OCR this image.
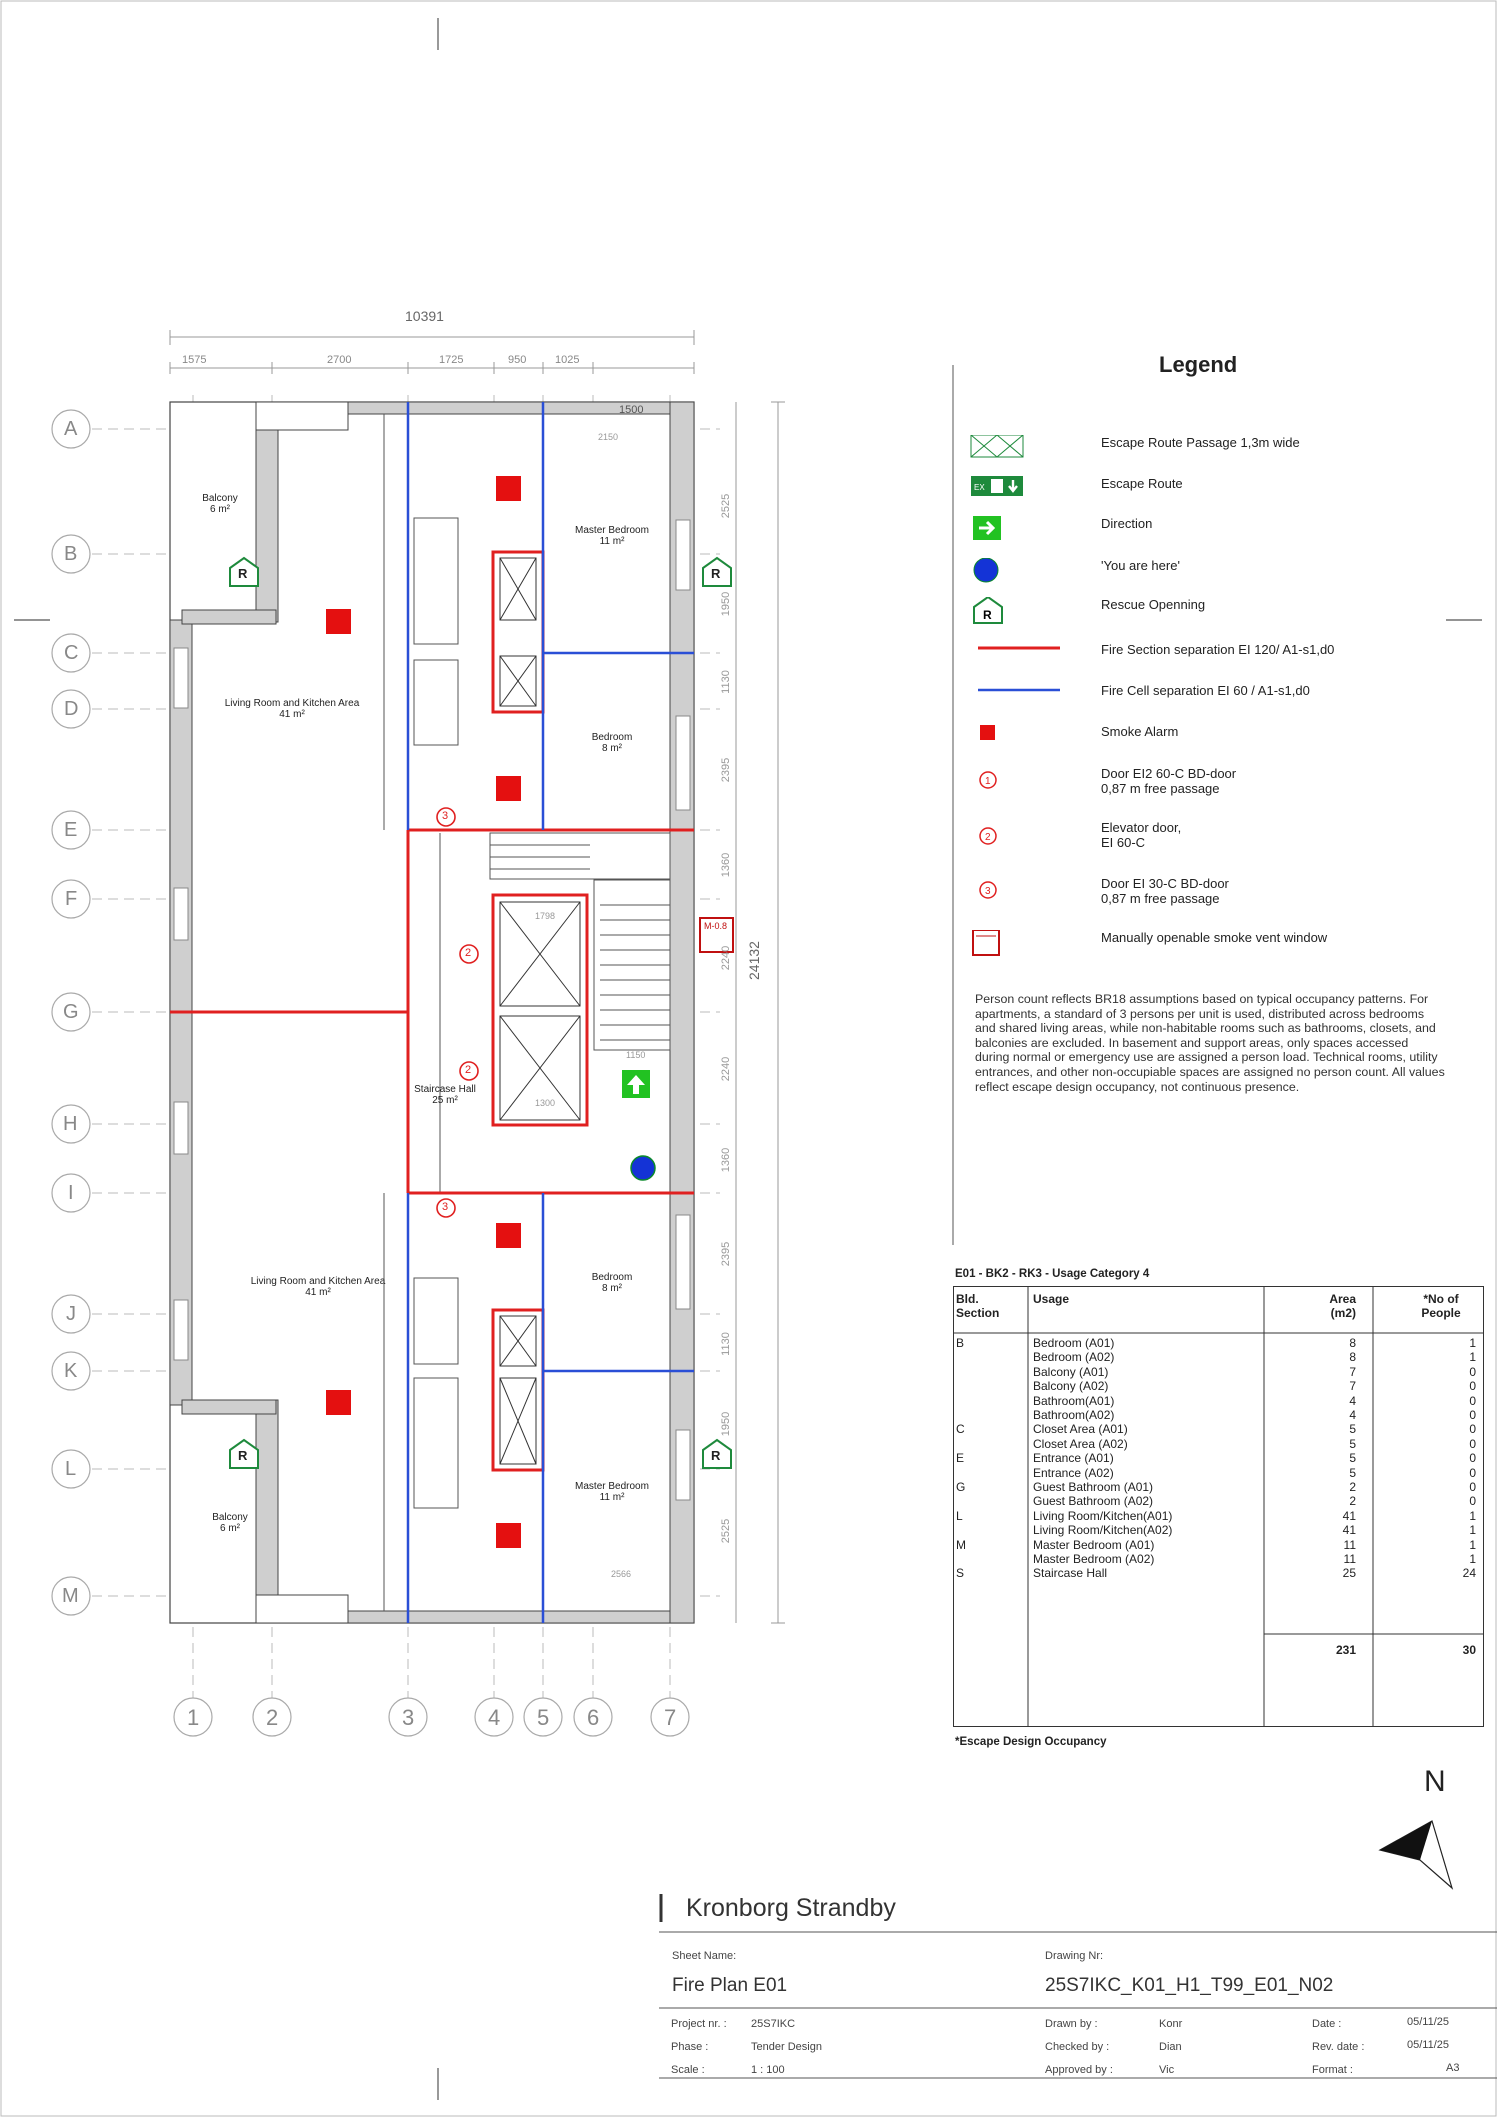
10391
24132
1575	2700	1725	950	1025
A
B
C
D
E
F
G
H
I
J
K
L
M
1	2	3	4 5 6	7
2525
1950
1130
2395
1360
2240
2240
1360
2395
1130
1950
2525
1500
2150
2566
1150
1798
1300
M-0.8
R
R
R
R
3
2
2
3
Balcony
6 m²
Living Room and Kitchen Area
41 m²
Master Bedroom
11 m²
Bedroom
8 m²
Staircase Hall
25 m²
Bedroom
8 m²
Living Room and Kitchen Area
41 m²
Master Bedroom
11 m²
Balcony
6 m²
Legend
Escape Route Passage 1,3m wide
EX	Escape Route
Direction
'You are here'
R
Rescue Openning
Fire Section separation EI 120/ A1-s1,d0
Fire Cell separation EI 60 / A1-s1,d0
Smoke Alarm
1
Door EI2 60-C BD-door
0,87 m free passage
2
Elevator door,
EI 60-C
3
Door EI 30-C BD-door
0,87 m free passage
Manually openable smoke vent window
Person count reflects BR18 assumptions based on typical occupancy patterns. For apartments, a standard of 3 persons per unit is used, distributed across bedrooms and shared living areas, while non-habitable rooms such as bathrooms, closets, and balconies are excluded. In basement and support areas, only spaces accessed during normal or emergency use are assigned a person load. Technical rooms, utility entrances, and other non-occupiable spaces are assigned no person count. All values reflect escape design occupancy, not continuous presence.
E01 - BK2 - RK3 - Usage Category 4
Bld.
Section
Usage	Area
(m2)
*No of
People
B	Bedroom (A01)	8	1
Bedroom (A02)	8	1
Balcony (A01)	7	0
Balcony (A02)	7	0
Bathroom(A01)	4	0
Bathroom(A02)	4	0
C	Closet Area (A01)	5	0
Closet Area (A02)	5	0
E	Entrance (A01)	5	0
Entrance (A02)	5	0
G	Guest Bathroom (A01)	2	0
Guest Bathroom (A02)	2	0
L	Living Room/Kitchen(A01)	41	1
Living Room/Kitchen(A02)	41	1
M	Master Bedroom (A01)	11	1
Master Bedroom (A02)	11	1
S	Staircase Hall	25	24
231	30
*Escape Design Occupancy
N
Kronborg Strandby
Sheet Name:
Fire Plan E01
Drawing Nr:
25S7IKC_K01_H1_T99_E01_N02
Project nr. : 25S7IKC
Phase :	Tender Design
Scale :	1 : 100
Drawn by :	Konr
Checked by :	Dian
Approved by :	Vic
Date :	05/11/25
Rev. date :	05/11/25
Format :	A3
